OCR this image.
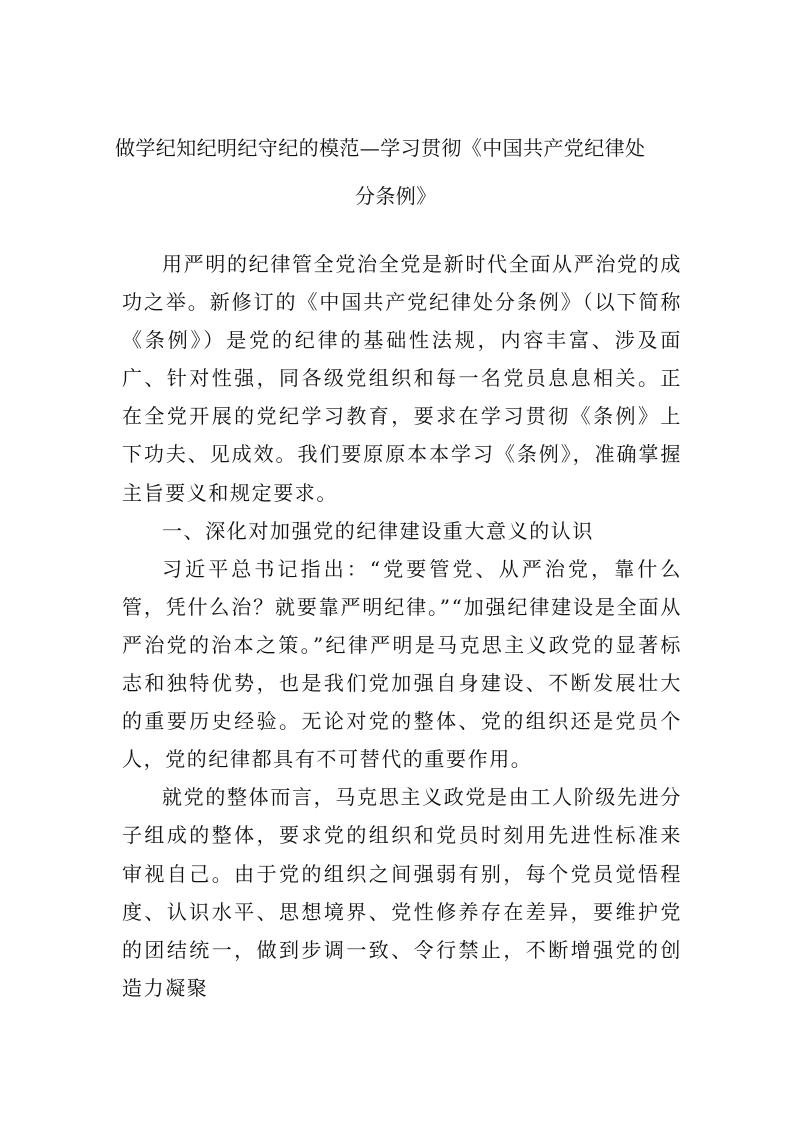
做学纪知纪明纪守纪的模范—学习贯彻《中国共产党纪律处
分条例》

用严明的纪律管全党治全党是新时代全面从严治党的成功之举。新修订的《中国共产党纪律处分条例》（以下简称《条例》）是党的纪律的基础性法规，内容丰富、涉及面广、针对性强，同各级党组织和每一名党员息息相关。正在全党开展的党纪学习教育，要求在学习贯彻《条例》上下功夫、见成效。我们要原原本本学习《条例》，准确掌握主旨要义和规定要求。

一、深化对加强党的纪律建设重大意义的认识

习近平总书记指出：“党要管党、从严治党，靠什么管，凭什么治？就要靠严明纪律。”“加强纪律建设是全面从严治党的治本之策。”纪律严明是马克思主义政党的显著标志和独特优势，也是我们党加强自身建设、不断发展壮大的重要历史经验。无论对党的整体、党的组织还是党员个人，党的纪律都具有不可替代的重要作用。

就党的整体而言，马克思主义政党是由工人阶级先进分子组成的整体，要求党的组织和党员时刻用先进性标准来审视自己。由于党的组织之间强弱有别，每个党员觉悟程度、认识水平、思想境界、党性修养存在差异，要维护党的团结统一，做到步调一致、令行禁止，不断增强党的创造力凝聚
